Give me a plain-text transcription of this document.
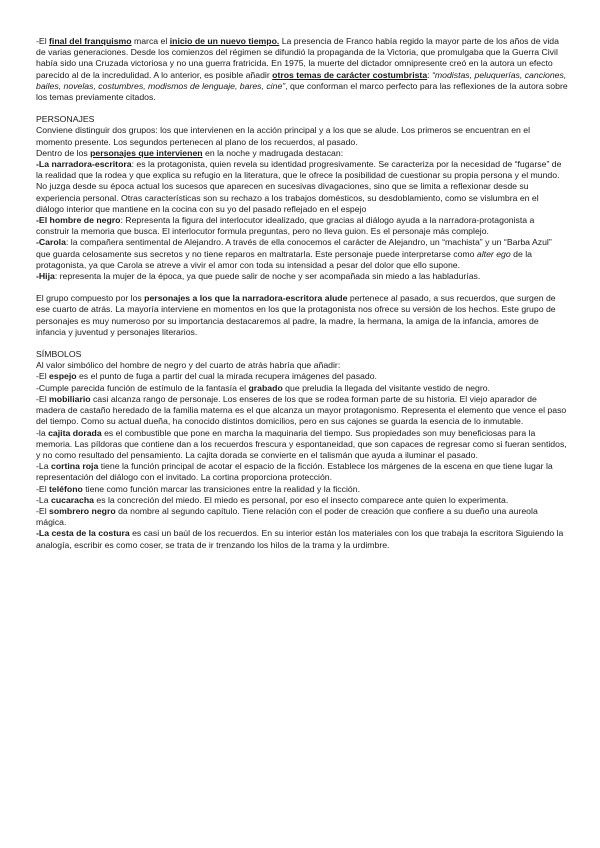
-El final del franquismo marca el inicio de un nuevo tiempo. La presencia de Franco había regido la mayor parte de los años de vida de varias generaciones. Desde los comienzos del régimen se difundió la propaganda de la Victoria, que promulgaba que la Guerra Civil había sido una Cruzada victoriosa y no una guerra fratricida. En 1975, la muerte del dictador omnipresente creó en la autora un efecto parecido al de la incredulidad. A lo anterior, es posible añadir otros temas de carácter costumbrista: “modistas, peluquerías, canciones, bailes, novelas, costumbres, modismos de lenguaje, bares, cine”, que conforman el marco perfecto para las reflexiones de la autora sobre los temas previamente citados.

PERSONAJES

Conviene distinguir dos grupos: los que intervienen en la acción principal y a los que se alude. Los primeros se encuentran en el momento presente. Los segundos pertenecen al plano de los recuerdos, al pasado.

Dentro de los personajes que intervienen en la noche y madrugada destacan:

-La narradora-escritora: es la protagonista, quien revela su identidad progresivamente. Se caracteriza por la necesidad de “fugarse” de la realidad que la rodea y que explica su refugio en la literatura, que le ofrece la posibilidad de cuestionar su propia persona y el mundo. No juzga desde su época actual los sucesos que aparecen en sucesivas divagaciones, sino que se limita a reflexionar desde su experiencia personal. Otras características son su rechazo a los trabajos domésticos, su desdoblamiento, como se vislumbra en el diálogo interior que mantiene en la cocina con su yo del pasado reflejado en el espejo

-El hombre de negro: Representa la figura del interlocutor idealizado, que gracias al diálogo ayuda a la narradora-protagonista a construir la memoria que busca. El interlocutor formula preguntas, pero no lleva guion. Es el personaje más complejo.

-Carola: la compañera sentimental de Alejandro. A través de ella conocemos el carácter de Alejandro, un “machista” y un “Barba Azul” que guarda celosamente sus secretos y no tiene reparos en maltratarla. Este personaje puede interpretarse como alter ego de la protagonista, ya que Carola se atreve a vivir el amor con toda su intensidad a pesar del dolor que ello supone.

-Hija: representa la mujer de la época, ya que puede salir de noche y ser acompañada sin miedo a las habladurías.

El grupo compuesto por los personajes a los que la narradora-escritora alude pertenece al pasado, a sus recuerdos, que surgen de ese cuarto de atrás. La mayoría interviene en momentos en los que la protagonista nos ofrece su versión de los hechos. Este grupo de personajes es muy numeroso por su importancia destacaremos al padre, la madre, la hermana, la amiga de la infancia, amores de infancia y juventud y personajes literarios.

SÍMBOLOS

Al valor simbólico del hombre de negro y del cuarto de atrás habría que añadir:

-El espejo es el punto de fuga a partir del cual la mirada recupera imágenes del pasado.

-Cumple parecida función de estímulo de la fantasía el grabado que preludia la llegada del visitante vestido de negro.

-El mobiliario casi alcanza rango de personaje. Los enseres de los que se rodea forman parte de su historia. El viejo aparador de madera de castaño heredado de la familia materna es el que alcanza un mayor protagonismo. Representa el elemento que vence el paso del tiempo. Como su actual dueña, ha conocido distintos domicilios, pero en sus cajones se guarda la esencia de lo inmutable.

-la cajita dorada es el combustible que pone en marcha la maquinaria del tiempo. Sus propiedades son muy beneficiosas para la memoria. Las píldoras que contiene dan a los recuerdos frescura y espontaneidad, que son capaces de regresar como si fueran sentidos, y no como resultado del pensamiento. La cajita dorada se convierte en el talismán que ayuda a iluminar el pasado.

-La cortina roja tiene la función principal de acotar el espacio de la ficción. Establece los márgenes de la escena en que tiene lugar la representación del diálogo con el invitado. La cortina proporciona protección.

-El teléfono tiene como función marcar las transiciones entre la realidad y la ficción.

-La cucaracha es la concreción del miedo. El miedo es personal, por eso el insecto comparece ante quien lo experimenta.

-El sombrero negro da nombre al segundo capítulo. Tiene relación con el poder de creación que confiere a su dueño una aureola mágica.

-La cesta de la costura es casi un baúl de los recuerdos. En su interior están los materiales con los que trabaja la escritora Siguiendo la analogía, escribir es como coser, se trata de ir trenzando los hilos de la trama y la urdimbre.
